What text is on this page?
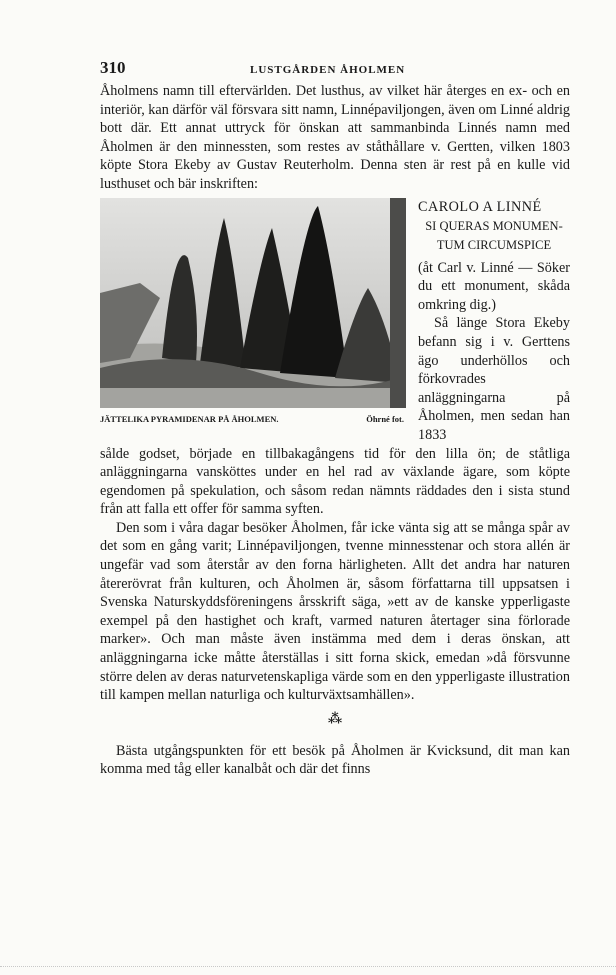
310	LUSTGÅRDEN ÅHOLMEN

Åholmens namn till eftervärlden. Det lusthus, av vilket här återges en ex- och en interiör, kan därför väl försvara sitt namn, Linnépaviljongen, även om Linné aldrig bott där. Ett annat uttryck för önskan att sammanbinda Linnés namn med Åholmen är den minnessten, som restes av ståthållare v. Gertten, vilken 1803 köpte Stora Ekeby av Gustav Reuterholm. Denna sten är rest på en kulle vid lusthuset och bär inskriften:

JÄTTELIKA PYRAMIDENAR PÅ ÅHOLMEN.	Öhrné fot.
CAROLO A LINNÉ
SI QUERAS MONUMEN-
TUM CIRCUMSPICE

(åt Carl v. Linné — Söker du ett monument, skåda omkring dig.)

Så länge Stora Ekeby befann sig i v. Gerttens ägo underhöllos och förkovrades anläggningarna på Åholmen, men sedan han 1833

sålde godset, började en tillbakagångens tid för den lilla ön; de ståtliga anläggningarna vansköttes under en hel rad av växlande ägare, som köpte egendomen på spekulation, och såsom redan nämnts räddades den i sista stund från att falla ett offer för samma syften.

Den som i våra dagar besöker Åholmen, får icke vänta sig att se många spår av det som en gång varit; Linnépaviljongen, tvenne minnesstenar och stora allén är ungefär vad som återstår av den forna härligheten. Allt det andra har naturen återerövrat från kulturen, och Åholmen är, såsom författarna till uppsatsen i Svenska Naturskyddsföreningens årsskrift säga, »ett av de kanske ypperligaste exempel på den hastighet och kraft, varmed naturen återtager sina förlorade marker». Och man måste även instämma med dem i deras önskan, att anläggningarna icke måtte återställas i sitt forna skick, emedan »då försvunne större delen av deras naturvetenskapliga värde som en den ypperligaste illustration till kampen mellan naturliga och kulturväxtsamhällen».

⁂

Bästa utgångspunkten för ett besök på Åholmen är Kvicksund, dit man kan komma med tåg eller kanalbåt och där det finns
